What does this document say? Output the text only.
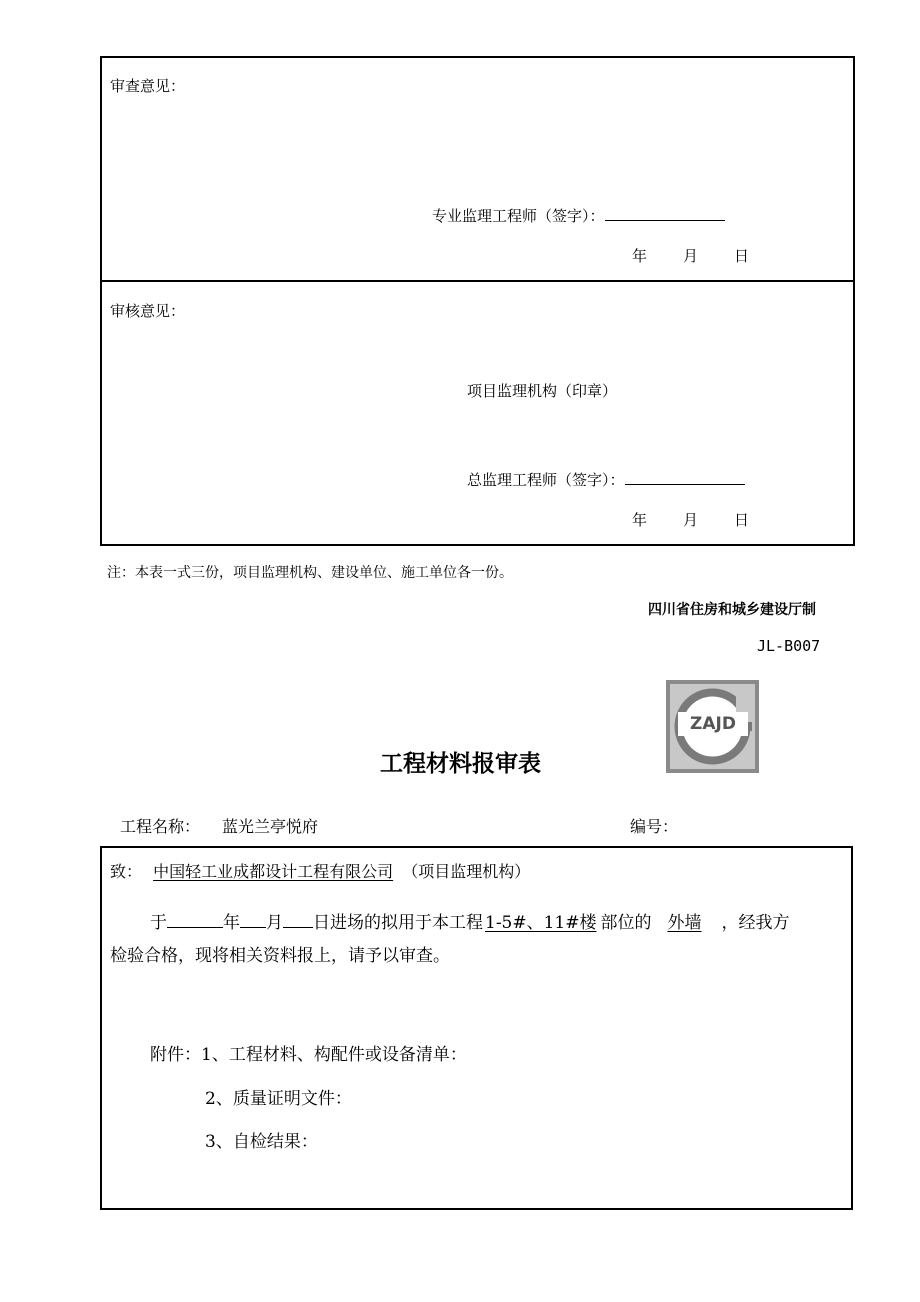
审查意见：
专业监理工程师（签字）：
年 月 日
审核意见：
项目监理机构（印章）
总监理工程师（签字）：
年 月 日
注：本表一式三份，项目监理机构、建设单位、施工单位各一份。
四川省住房和城乡建设厅制
JL-B007
ZAJD
工程材料报审表
工程名称： 蓝光兰亭悦府	编号：
致： 中国轻工业成都设计工程有限公司 （项目监理机构）
于	年 月 日进场的拟用于本工程 1-5#、11#楼 部位的 外墙 ，经我方
检验合格，现将相关资料报上，请予以审查。
附件：1、工程材料、构配件或设备清单：
2、质量证明文件：
3、自检结果：
